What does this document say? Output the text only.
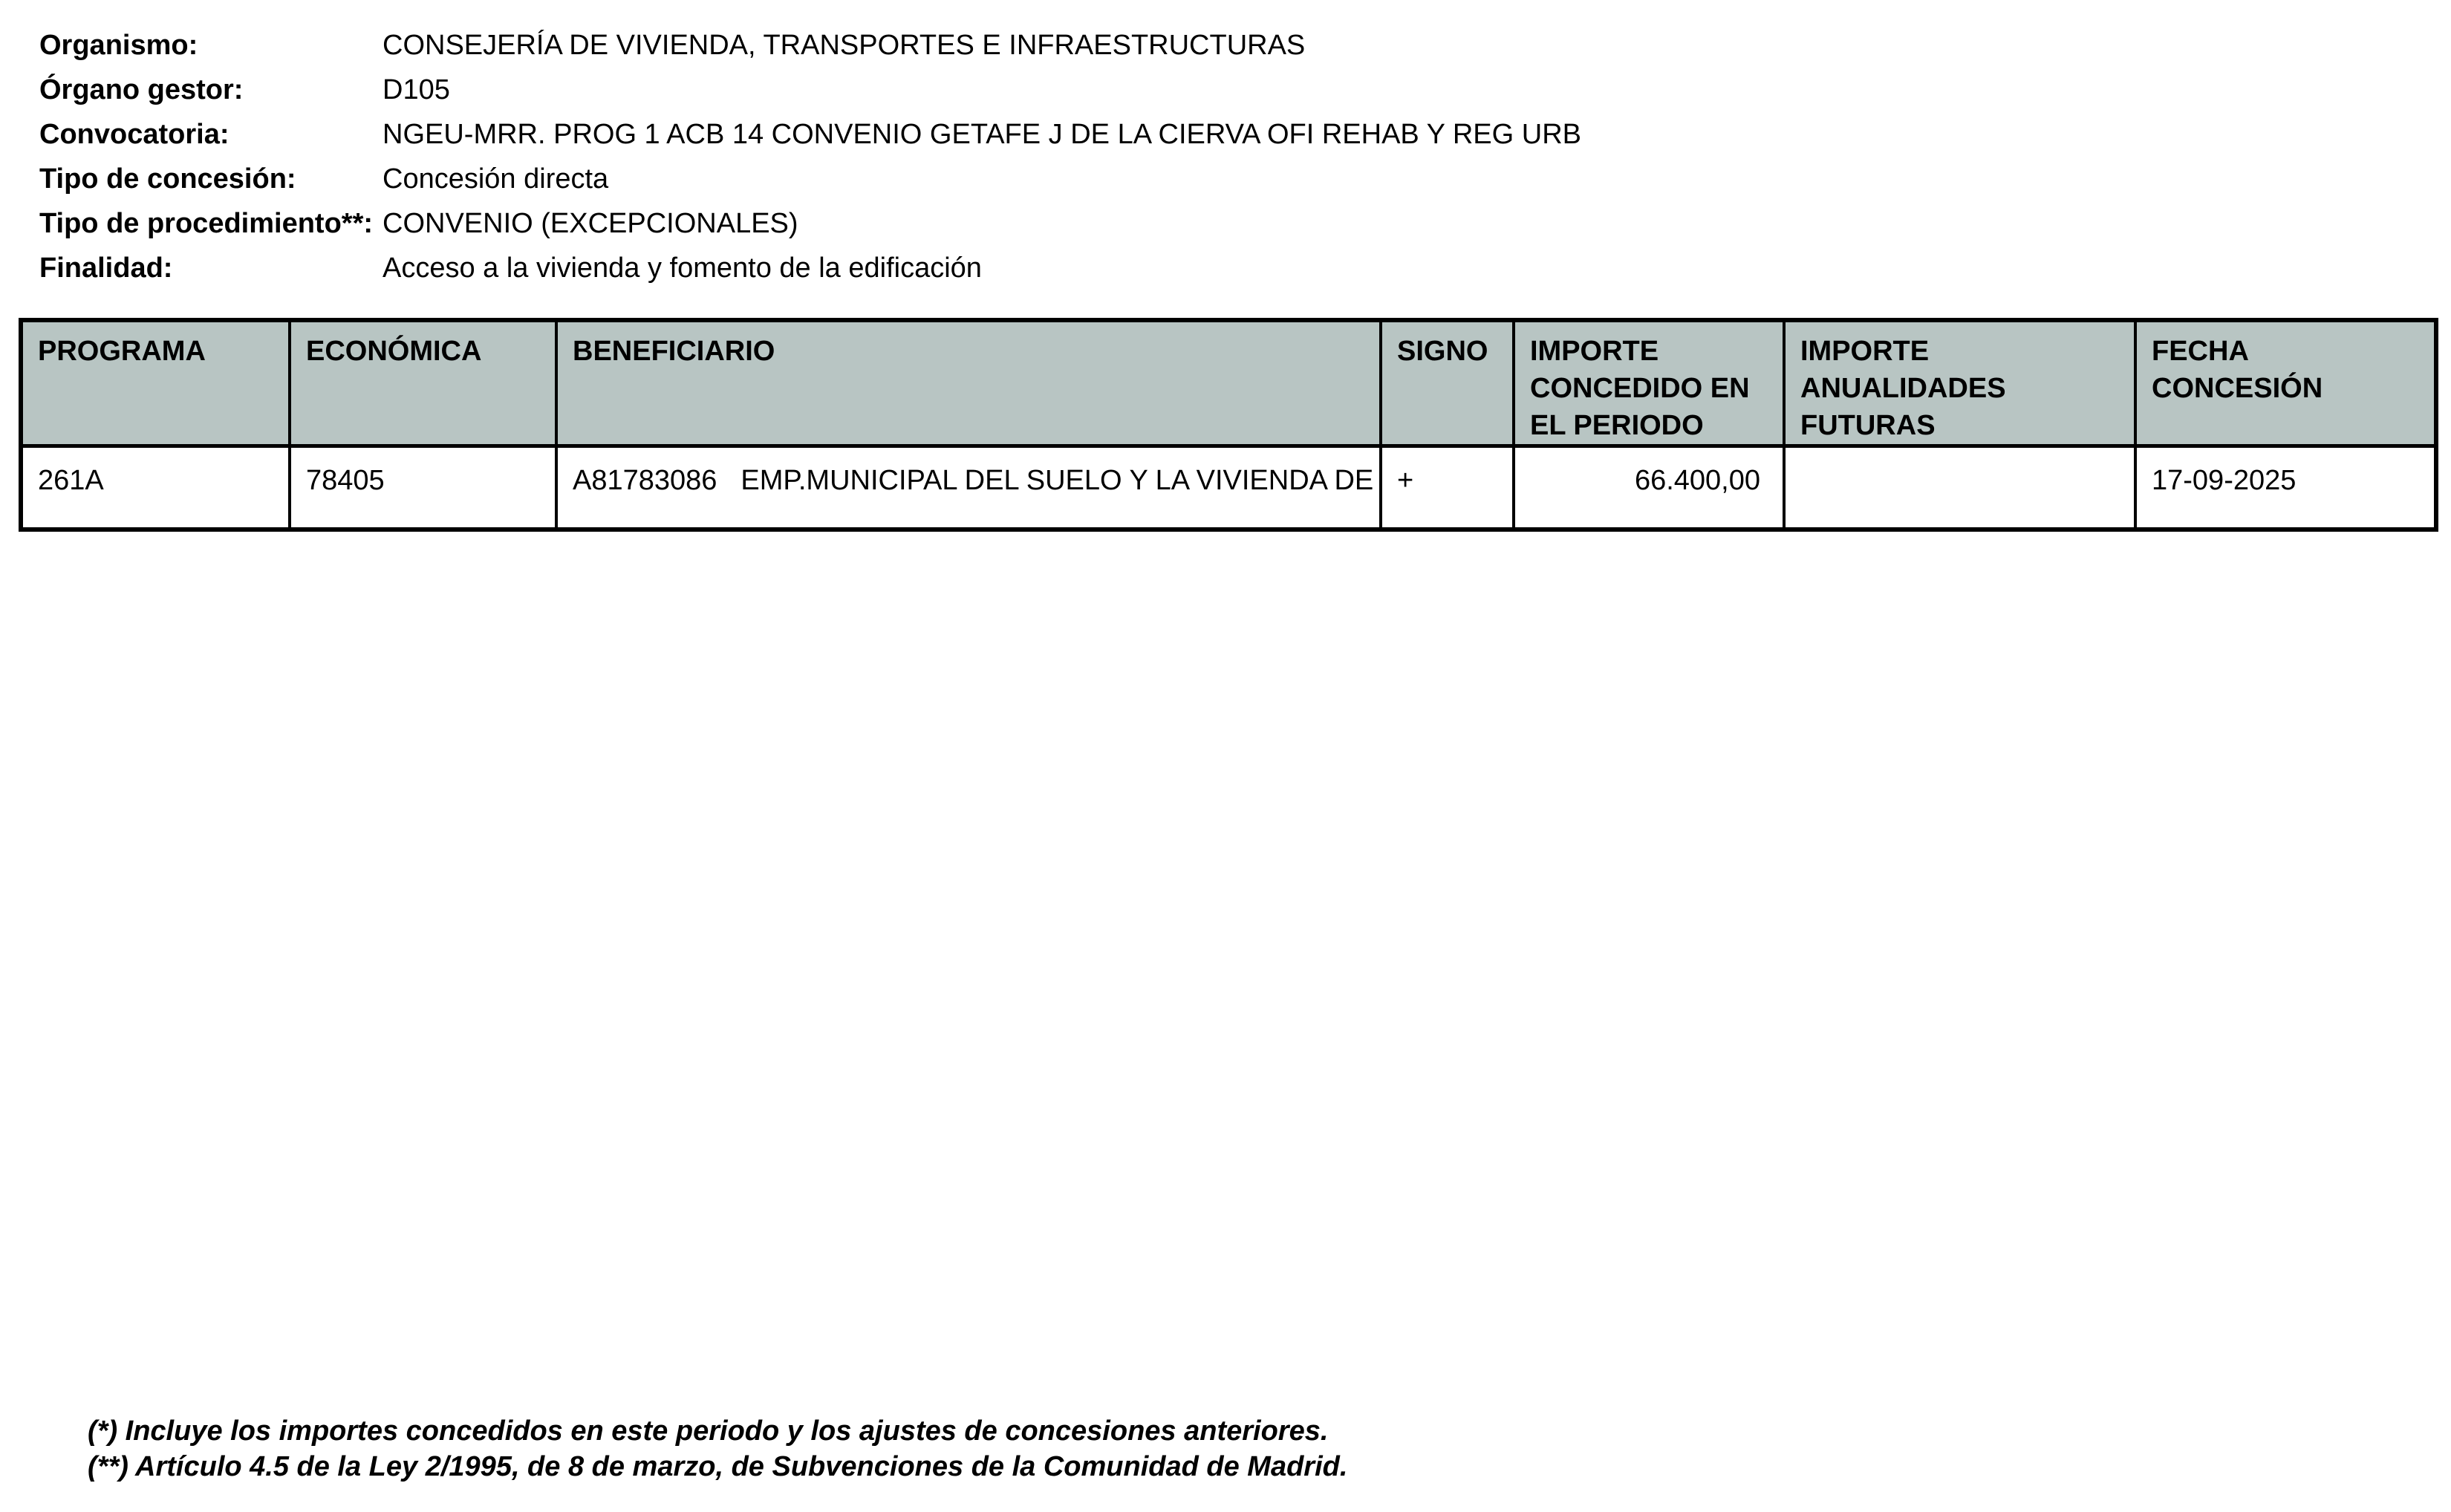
Organismo:	CONSEJERÍA DE VIVIENDA, TRANSPORTES E INFRAESTRUCTURAS
Órgano gestor:	D105
Convocatoria:	NGEU-MRR. PROG 1 ACB 14 CONVENIO GETAFE J DE LA CIERVA OFI REHAB Y REG URB
Tipo de concesión:	Concesión directa
Tipo de procedimiento**: CONVENIO (EXCEPCIONALES)
Finalidad:	Acceso a la vivienda y fomento de la edificación
PROGRAMA	ECONÓMICA	BENEFICIARIO	SIGNO	IMPORTE CONCEDIDO EN EL PERIODO	IMPORTE ANUALIDADES FUTURAS	FECHA CONCESIÓN

261A	78405	A81783086 EMP.MUNICIPAL DEL SUELO Y LA VIVIENDA DE	+	66.400,00		17-09-2025
(*) Incluye los importes concedidos en este periodo y los ajustes de concesiones anteriores.
(**) Artículo 4.5 de la Ley 2/1995, de 8 de marzo, de Subvenciones de la Comunidad de Madrid.
